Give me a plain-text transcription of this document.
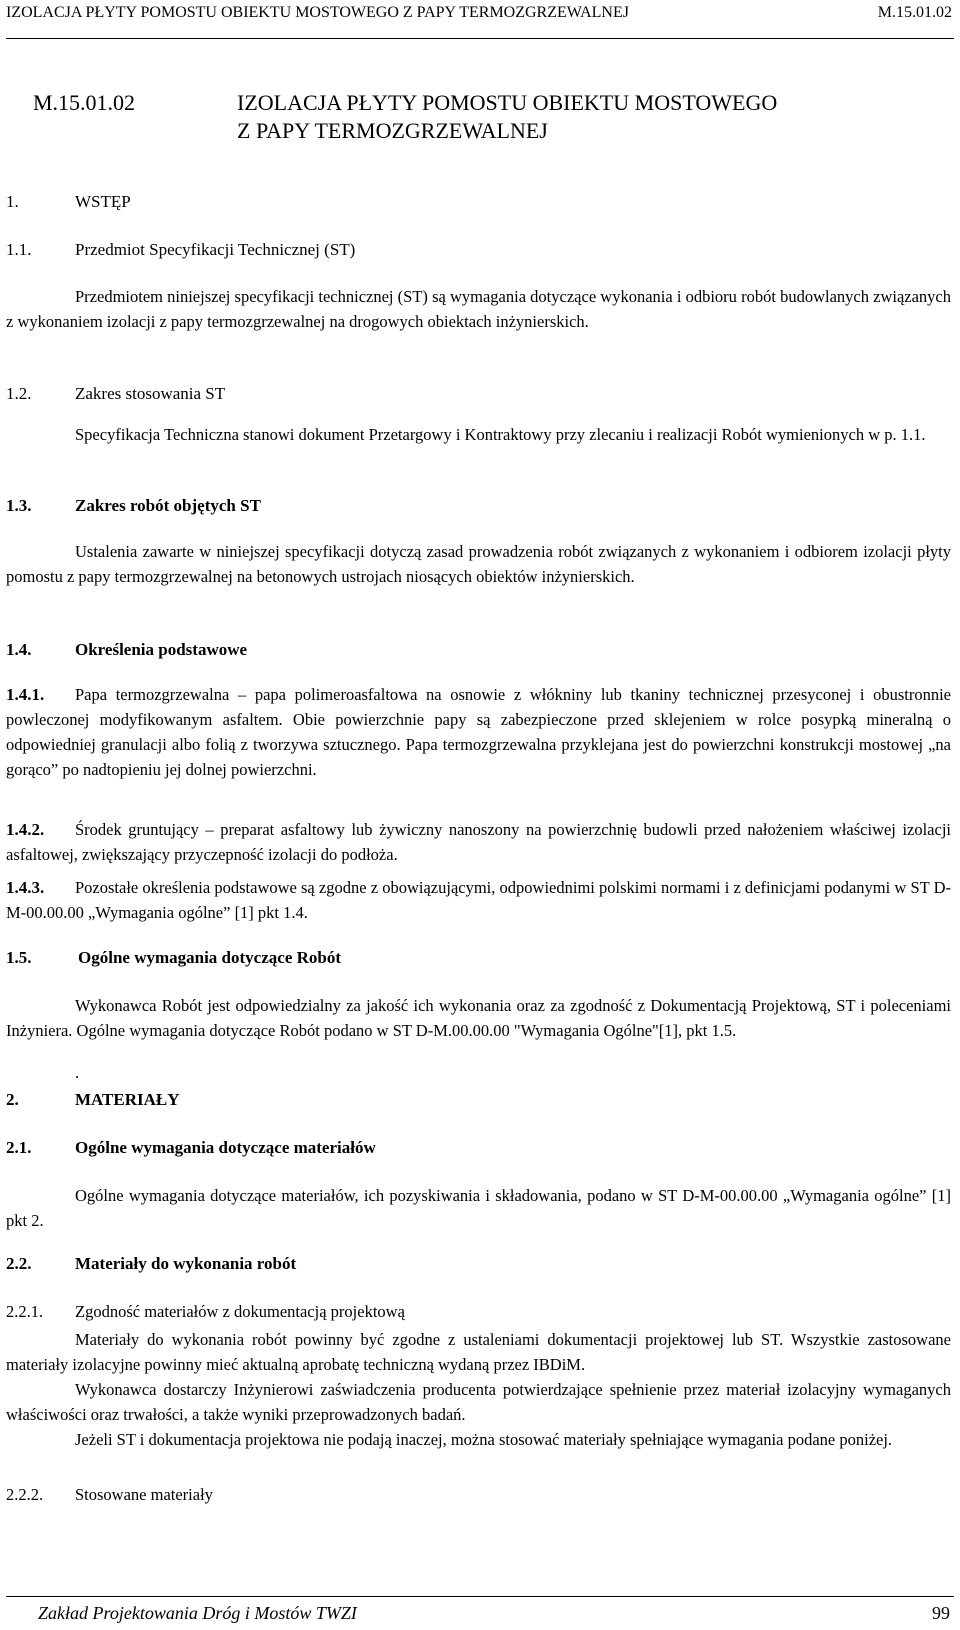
IZOLACJA PŁYTY POMOSTU OBIEKTU MOSTOWEGO Z PAPY TERMOZGRZEWALNEJ	M.15.01.02
M.15.01.02	IZOLACJA PŁYTY POMOSTU OBIEKTU MOSTOWEGO
Z PAPY TERMOZGRZEWALNEJ
1.	WSTĘP
1.1.	Przedmiot Specyfikacji Technicznej (ST)
Przedmiotem niniejszej specyfikacji technicznej (ST) są wymagania dotyczące wykonania i odbioru robót budowlanych związanych z wykonaniem izolacji z papy termozgrzewalnej na drogowych obiektach inżynierskich.
1.2.	Zakres stosowania ST
Specyfikacja Techniczna stanowi dokument Przetargowy i Kontraktowy przy zlecaniu i realizacji Robót wymienionych w p. 1.1.
1.3.	Zakres robót objętych ST
Ustalenia zawarte w niniejszej specyfikacji dotyczą zasad prowadzenia robót związanych z wykonaniem i odbiorem izolacji płyty pomostu z papy termozgrzewalnej na betonowych ustrojach niosących obiektów inżynierskich.
1.4.	Określenia podstawowe
1.4.1.	Papa termozgrzewalna – papa polimeroasfaltowa na osnowie z włókniny lub tkaniny technicznej przesyconej i obustronnie powleczonej modyfikowanym asfaltem. Obie powierzchnie papy są zabezpieczone przed sklejeniem w rolce posypką mineralną o odpowiedniej granulacji albo folią z tworzywa sztucznego. Papa termozgrzewalna przyklejana jest do powierzchni konstrukcji mostowej „na gorąco” po nadtopieniu jej dolnej powierzchni.
1.4.2.	Środek gruntujący – preparat asfaltowy lub żywiczny nanoszony na powierzchnię budowli przed nałożeniem właściwej izolacji asfaltowej, zwiększający przyczepność izolacji do podłoża.
1.4.3.	Pozostałe określenia podstawowe są zgodne z obowiązującymi, odpowiednimi polskimi normami i z definicjami podanymi w ST D-M-00.00.00 „Wymagania ogólne” [1] pkt 1.4.
1.5.	Ogólne wymagania dotyczące Robót
Wykonawca Robót jest odpowiedzialny za jakość ich wykonania oraz za zgodność z Dokumentacją Projektową, ST i poleceniami Inżyniera. Ogólne wymagania dotyczące Robót podano w ST D-M.00.00.00 "Wymagania Ogólne"[1], pkt 1.5.
.
2.	MATERIAŁY
2.1.	Ogólne wymagania dotyczące materiałów
Ogólne wymagania dotyczące materiałów, ich pozyskiwania i składowania, podano w ST D-M-00.00.00 „Wymagania ogólne” [1] pkt 2.
2.2.	Materiały do wykonania robót
2.2.1. Zgodność materiałów z dokumentacją projektową
Materiały do wykonania robót powinny być zgodne z ustaleniami dokumentacji projektowej lub ST. Wszystkie zastosowane materiały izolacyjne powinny mieć aktualną aprobatę techniczną wydaną przez IBDiM.
Wykonawca dostarczy Inżynierowi zaświadczenia producenta potwierdzające spełnienie przez materiał izolacyjny wymaganych właściwości oraz trwałości, a także wyniki przeprowadzonych badań.
Jeżeli ST i dokumentacja projektowa nie podają inaczej, można stosować materiały spełniające wymagania podane poniżej.
2.2.2. Stosowane materiały
Zakład Projektowania Dróg i Mostów TWZI	99
